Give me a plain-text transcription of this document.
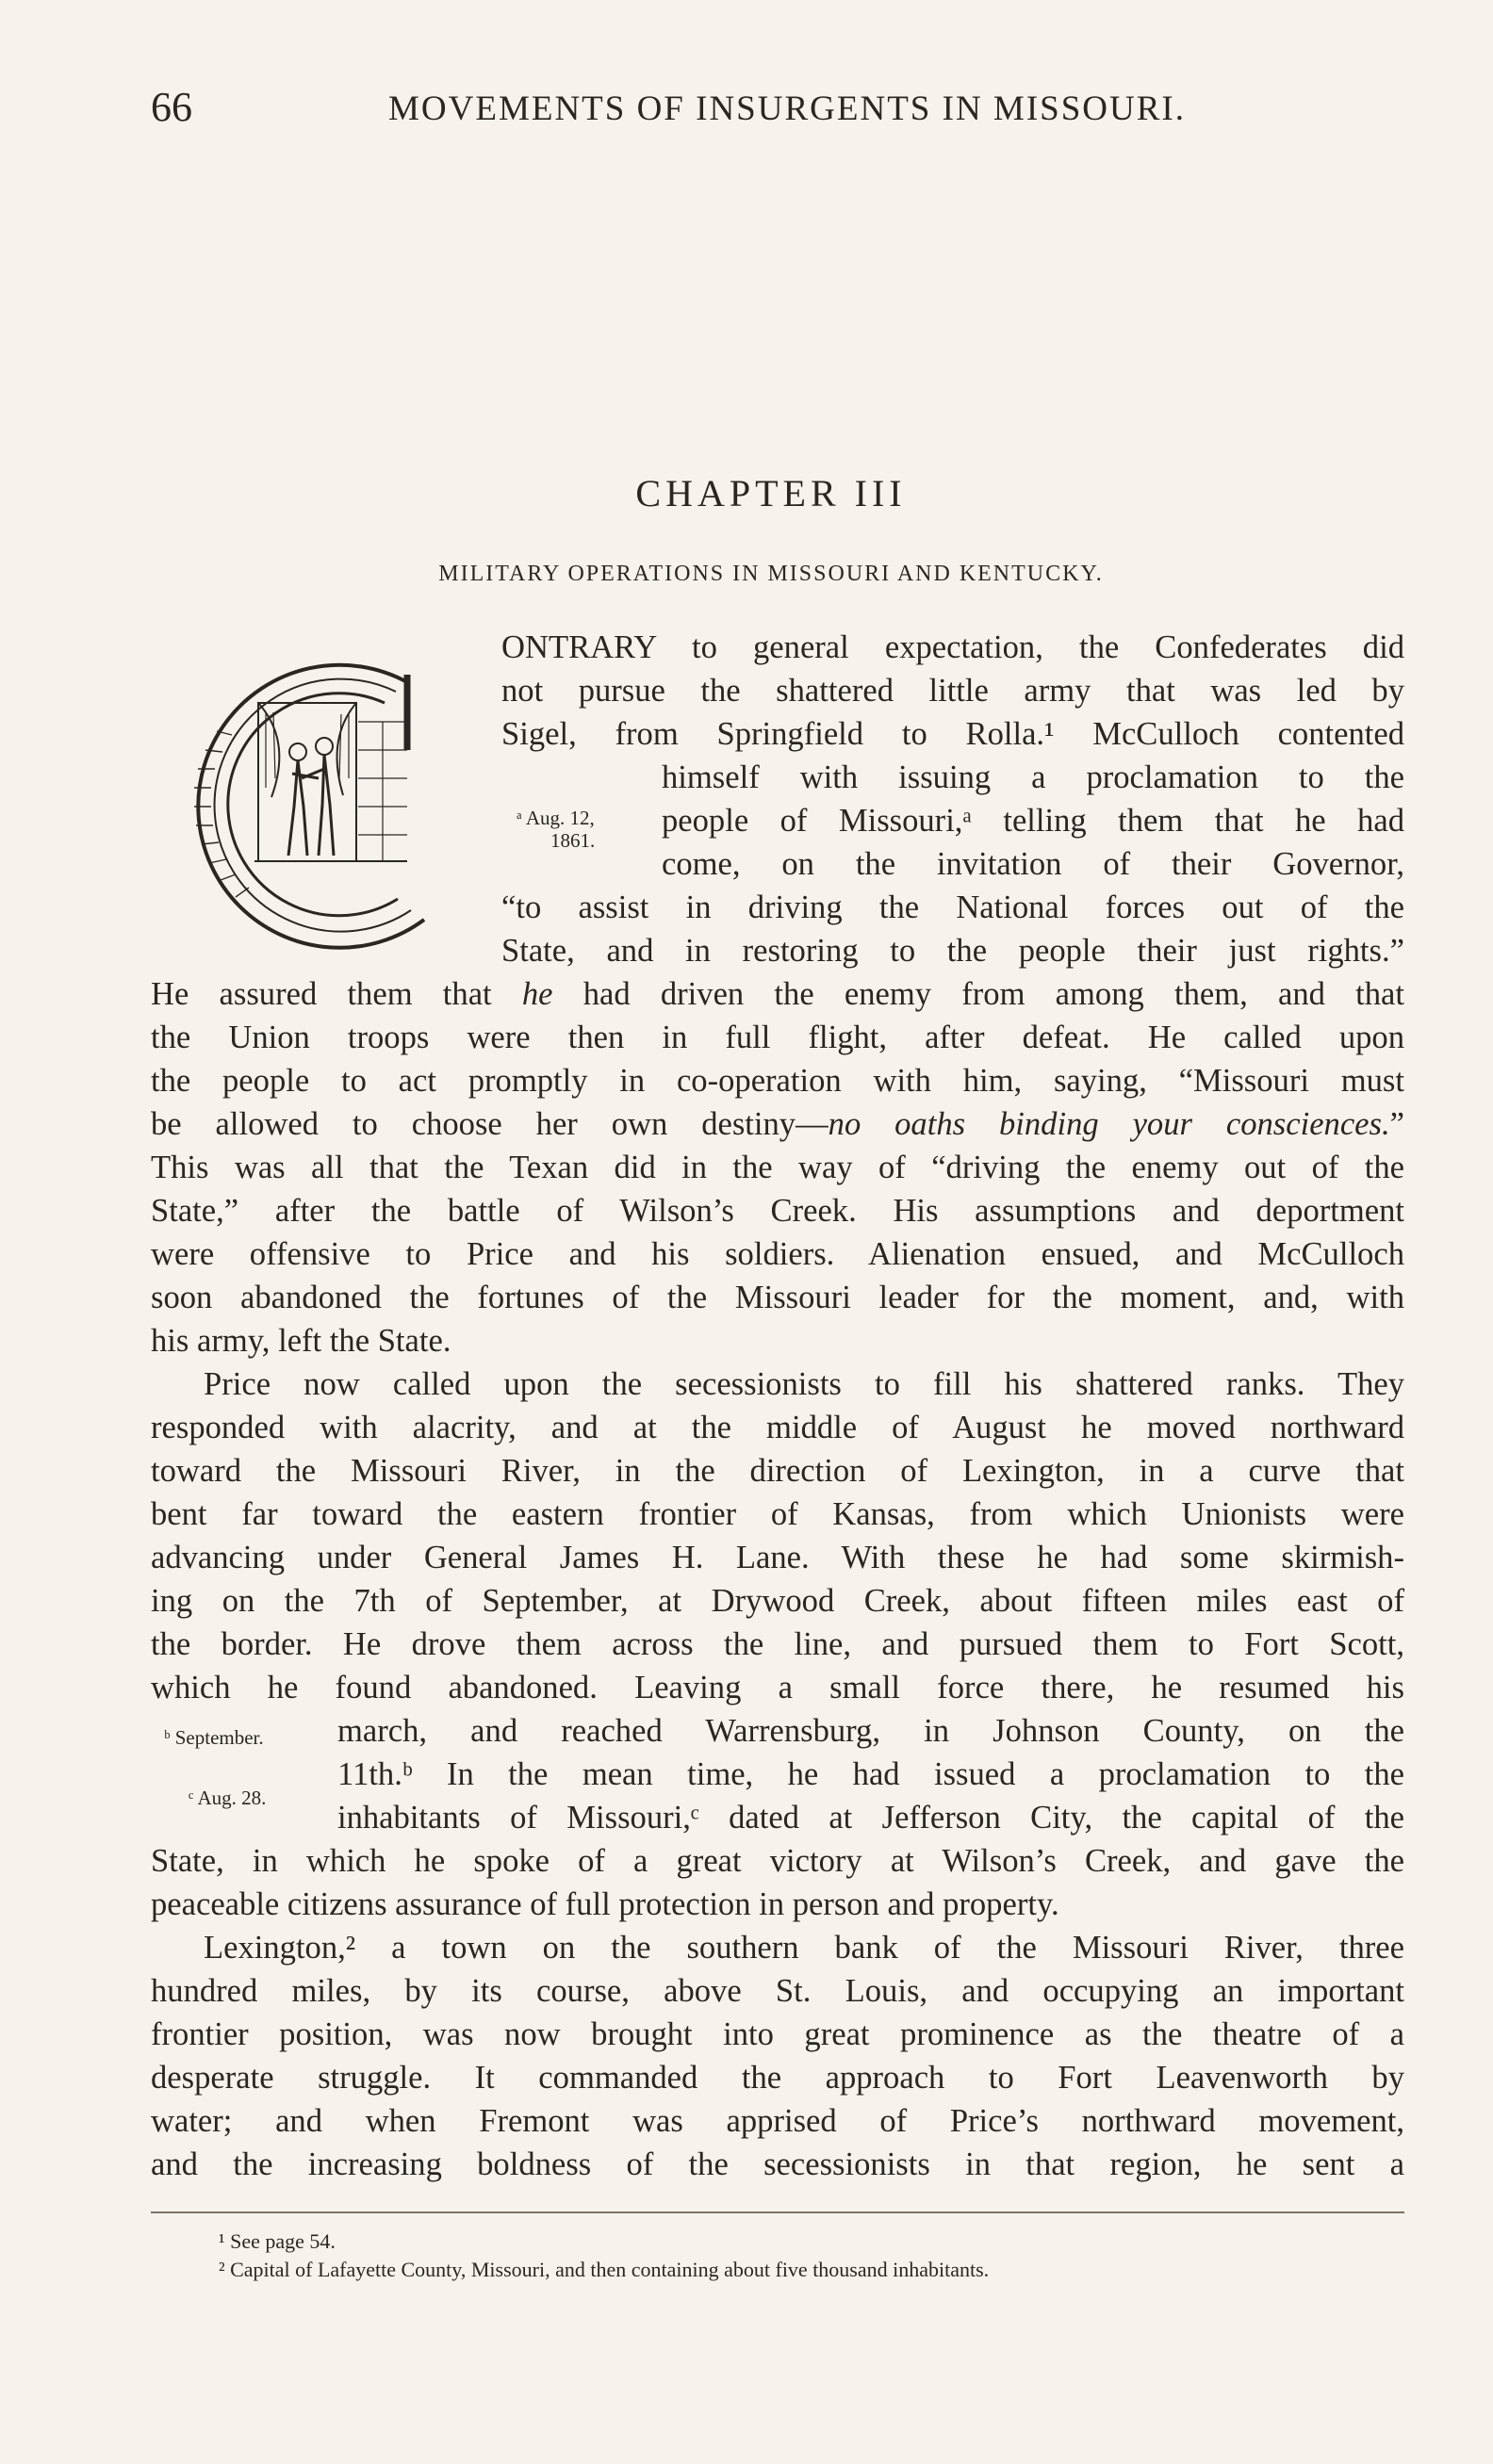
66	MOVEMENTS OF INSURGENTS IN MISSOURI.
CHAPTER III
MILITARY OPERATIONS IN MISSOURI AND KENTUCKY.
ONTRARY to general expectation, the Confederates did
not pursue the shattered little army that was led by
Sigel, from Springfield to Rolla.¹ McCulloch contented
himself with issuing a proclamation to the
people of Missouri,ᵃ telling them that he had
come, on the invitation of their Governor,
“to assist in driving the National forces out of the
State, and in restoring to the people their just rights.”
He assured them that he had driven the enemy from among them, and that
the Union troops were then in full flight, after defeat. He called upon
the people to act promptly in co-operation with him, saying, “Missouri must
be allowed to choose her own destiny—no oaths binding your consciences.”
This was all that the Texan did in the way of “driving the enemy out of the
State,” after the battle of Wilson’s Creek. His assumptions and deportment
were offensive to Price and his soldiers. Alienation ensued, and McCulloch
soon abandoned the fortunes of the Missouri leader for the moment, and, with
his army, left the State.
Price now called upon the secessionists to fill his shattered ranks. They
responded with alacrity, and at the middle of August he moved northward
toward the Missouri River, in the direction of Lexington, in a curve that
bent far toward the eastern frontier of Kansas, from which Unionists were
advancing under General James H. Lane. With these he had some skirmish-
ing on the 7th of September, at Drywood Creek, about fifteen miles east of
the border. He drove them across the line, and pursued them to Fort Scott,
which he found abandoned. Leaving a small force there, he resumed his
march, and reached Warrensburg, in Johnson County, on the
11th.ᵇ In the mean time, he had issued a proclamation to the
inhabitants of Missouri,ᶜ dated at Jefferson City, the capital of the
State, in which he spoke of a great victory at Wilson’s Creek, and gave the
peaceable citizens assurance of full protection in person and property.
Lexington,² a town on the southern bank of the Missouri River, three
hundred miles, by its course, above St. Louis, and occupying an important
frontier position, was now brought into great prominence as the theatre of a
desperate struggle. It commanded the approach to Fort Leavenworth by
water; and when Fremont was apprised of Price’s northward movement,
and the increasing boldness of the secessionists in that region, he sent a
ᵃ Aug. 12,
1861.
ᵇ September.
ᶜ Aug. 28.
¹ See page 54.
² Capital of Lafayette County, Missouri, and then containing about five thousand inhabitants.
